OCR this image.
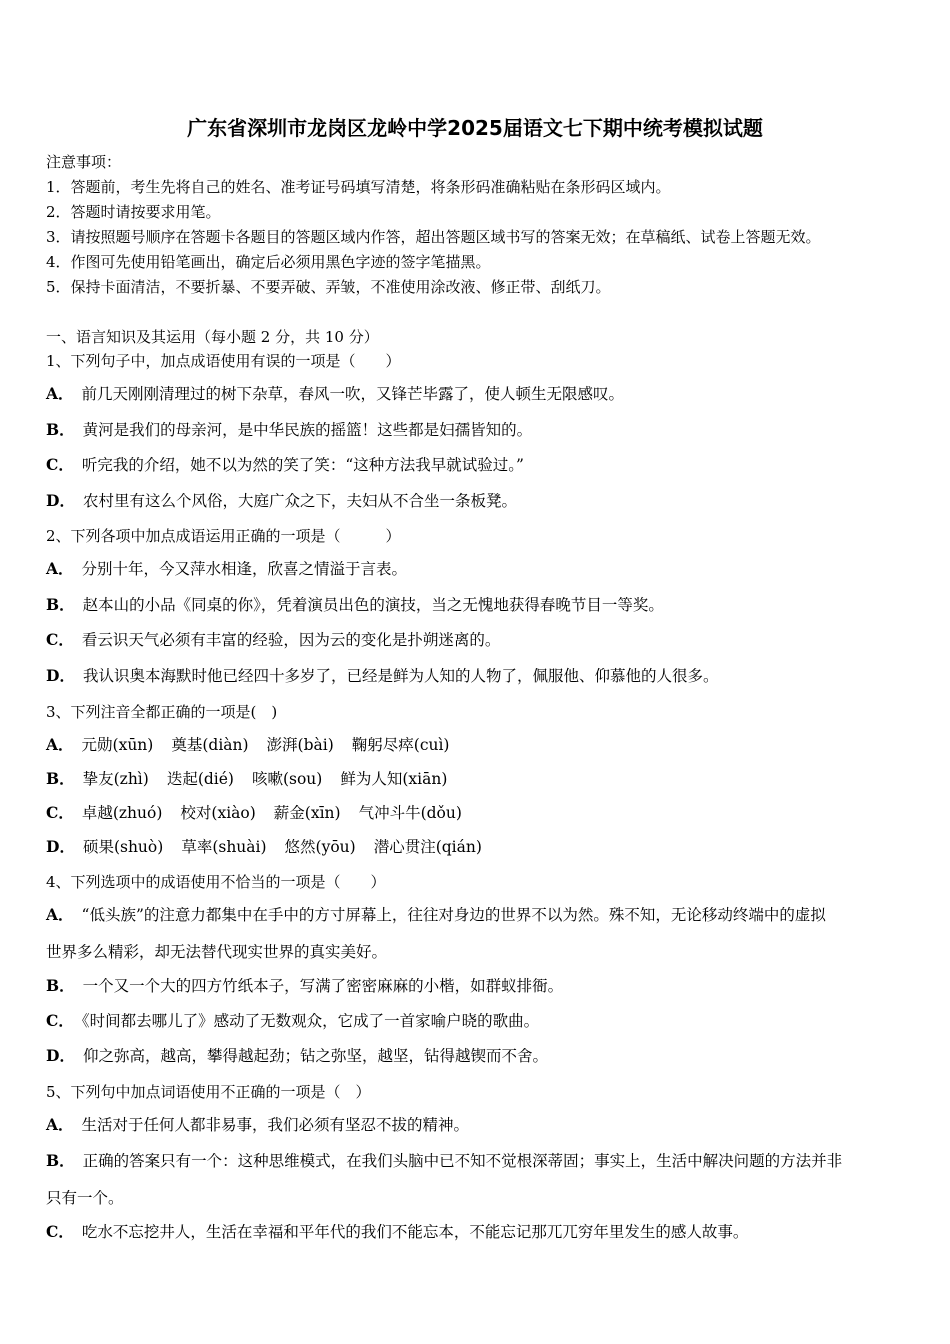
广东省深圳市龙岗区龙岭中学2025届语文七下期中统考模拟试题
注意事项：
1．答题前，考生先将自己的姓名、准考证号码填写清楚，将条形码准确粘贴在条形码区域内。
2．答题时请按要求用笔。
3．请按照题号顺序在答题卡各题目的答题区域内作答，超出答题区域书写的答案无效；在草稿纸、试卷上答题无效。
4．作图可先使用铅笔画出，确定后必须用黑色字迹的签字笔描黑。
5．保持卡面清洁，不要折暴、不要弄破、弄皱，不准使用涂改液、修正带、刮纸刀。
一、语言知识及其运用（每小题 2 分，共 10 分）
1、下列句子中，加点成语使用有误的一项是（　　）
A． 前几天刚刚清理过的树下杂草，春风一吹，又锋芒毕露了，使人顿生无限感叹。
B． 黄河是我们的母亲河，是中华民族的摇篮！这些都是妇孺皆知的。
C． 听完我的介绍，她不以为然的笑了笑：“这种方法我早就试验过。”
D． 农村里有这么个风俗，大庭广众之下，夫妇从不合坐一条板凳。
2、下列各项中加点成语运用正确的一项是（　　　）
A． 分别十年，今又萍水相逢，欣喜之情溢于言表。
B． 赵本山的小品《同桌的你》，凭着演员出色的演技，当之无愧地获得春晚节目一等奖。
C． 看云识天气必须有丰富的经验，因为云的变化是扑朔迷离的。
D． 我认识奥本海默时他已经四十多岁了，已经是鲜为人知的人物了，佩服他、仰慕他的人很多。
3、下列注音全都正确的一项是(　)
A． 元勋(xūn) 奠基(diàn) 澎湃(bài) 鞠躬尽瘁(cuì)
B． 挚友(zhì) 迭起(dié) 咳嗽(sou) 鲜为人知(xiān)
C． 卓越(zhuó) 校对(xiào) 薪金(xīn) 气冲斗牛(dǒu)
D． 硕果(shuò) 草率(shuài) 悠然(yōu) 潜心贯注(qián)
4、下列选项中的成语使用不恰当的一项是（　　）
A． “低头族”的注意力都集中在手中的方寸屏幕上，往往对身边的世界不以为然。殊不知，无论移动终端中的虚拟
世界多么精彩，却无法替代现实世界的真实美好。
B． 一个又一个大的四方竹纸本子，写满了密密麻麻的小楷，如群蚁排衙。
C． 《时间都去哪儿了》感动了无数观众，它成了一首家喻户晓的歌曲。
D． 仰之弥高，越高，攀得越起劲；钻之弥坚，越坚，钻得越锲而不舍。
5、下列句中加点词语使用不正确的一项是（　）
A． 生活对于任何人都非易事，我们必须有坚忍不拔的精神。
B． 正确的答案只有一个：这种思维模式，在我们头脑中已不知不觉根深蒂固；事实上，生活中解决问题的方法并非
只有一个。
C． 吃水不忘挖井人，生活在幸福和平年代的我们不能忘本，不能忘记那兀兀穷年里发生的感人故事。
